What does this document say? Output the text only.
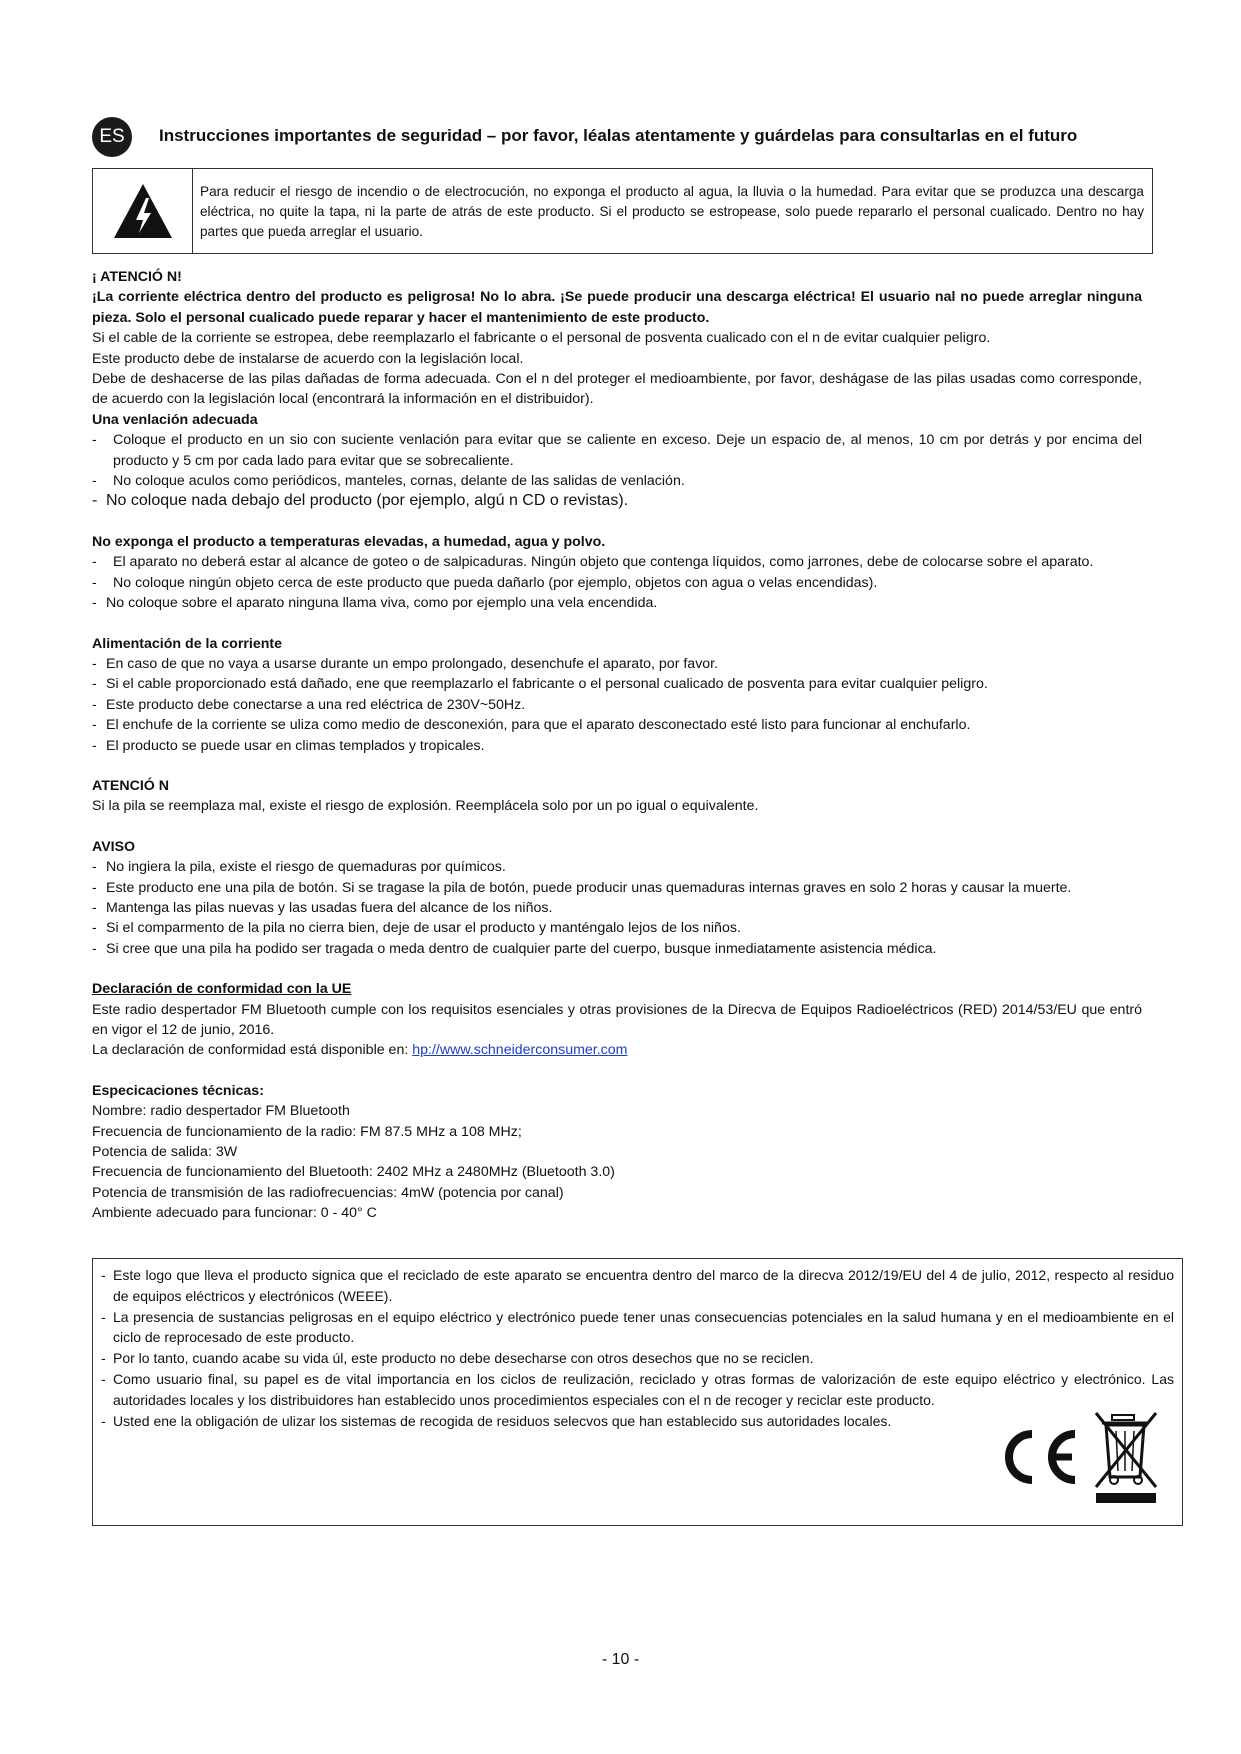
ES	Instrucciones importantes de seguridad – por favor, léalas atentamente y guárdelas para consultarlas en el futuro
Para reducir el riesgo de incendio o de electrocución, no exponga el producto al agua, la lluvia o la humedad. Para evitar que se produzca una descarga eléctrica, no quite la tapa, ni la parte de atrás de este producto. Si el producto se estropease, solo puede repararlo el personal cualicado. Dentro no hay partes que pueda arreglar el usuario.

¡ ATENCIÓ N!

¡La corriente eléctrica dentro del producto es peligrosa! No lo abra. ¡Se puede producir una descarga eléctrica! El usuario nal no puede arreglar ninguna pieza. Solo el personal cualicado puede reparar y hacer el mantenimiento de este producto.

Si el cable de la corriente se estropea, debe reemplazarlo el fabricante o el personal de posventa cualicado con el n de evitar cualquier peligro.

Este producto debe de instalarse de acuerdo con la legislación local.

Debe de deshacerse de las pilas dañadas de forma adecuada. Con el n del proteger el medioambiente, por favor, deshágase de las pilas usadas como corresponde, de acuerdo con la legislación local (encontrará la información en el distribuidor).

Una venlación adecuada

- Coloque el producto en un sio con suciente venlación para evitar que se caliente en exceso. Deje un espacio de, al menos, 10 cm por detrás y por encima del producto y 5 cm por cada lado para evitar que se sobrecaliente.

- No coloque aculos como periódicos, manteles, cornas, delante de las salidas de venlación.

- No coloque nada debajo del producto (por ejemplo, algú n CD o revistas).

No exponga el producto a temperaturas elevadas, a humedad, agua y polvo.

- El aparato no deberá estar al alcance de goteo o de salpicaduras. Ningún objeto que contenga líquidos, como jarrones, debe de colocarse sobre el aparato.

- No coloque ningún objeto cerca de este producto que pueda dañarlo (por ejemplo, objetos con agua o velas encendidas).

- No coloque sobre el aparato ninguna llama viva, como por ejemplo una vela encendida.

Alimentación de la corriente

- En caso de que no vaya a usarse durante un empo prolongado, desenchufe el aparato, por favor.

- Si el cable proporcionado está dañado, ene que reemplazarlo el fabricante o el personal cualicado de posventa para evitar cualquier peligro.

- Este producto debe conectarse a una red eléctrica de 230V~50Hz.

- El enchufe de la corriente se uliza como medio de desconexión, para que el aparato desconectado esté listo para funcionar al enchufarlo.

- El producto se puede usar en climas templados y tropicales.

ATENCIÓ N

Si la pila se reemplaza mal, existe el riesgo de explosión. Reemplácela solo por un po igual o equivalente.

AVISO

- No ingiera la pila, existe el riesgo de quemaduras por químicos.

- Este producto ene una pila de botón. Si se tragase la pila de botón, puede producir unas quemaduras internas graves en solo 2 horas y causar la muerte.

- Mantenga las pilas nuevas y las usadas fuera del alcance de los niños.

- Si el comparmento de la pila no cierra bien, deje de usar el producto y manténgalo lejos de los niños.

- Si cree que una pila ha podido ser tragada o meda dentro de cualquier parte del cuerpo, busque inmediatamente asistencia médica.

Declaración de conformidad con la UE

Este radio despertador FM Bluetooth cumple con los requisitos esenciales y otras provisiones de la Direcva de Equipos Radioeléctricos (RED) 2014/53/EU que entró en vigor el 12 de junio, 2016.

La declaración de conformidad está disponible en: hp://www.schneiderconsumer.com

Especicaciones técnicas:

Nombre: radio despertador FM Bluetooth

Frecuencia de funcionamiento de la radio: FM 87.5 MHz a 108 MHz;

Potencia de salida: 3W

Frecuencia de funcionamiento del Bluetooth: 2402 MHz a 2480MHz (Bluetooth 3.0)

Potencia de transmisión de las radiofrecuencias: 4mW (potencia por canal)

Ambiente adecuado para funcionar: 0 - 40° C

- Este logo que lleva el producto signica que el reciclado de este aparato se encuentra dentro del marco de la direcva 2012/19/EU del 4 de julio, 2012, respecto al residuo de equipos eléctricos y electrónicos (WEEE).

- La presencia de sustancias peligrosas en el equipo eléctrico y electrónico puede tener unas consecuencias potenciales en la salud humana y en el medioambiente en el ciclo de reprocesado de este producto.

- Por lo tanto, cuando acabe su vida úl, este producto no debe desecharse con otros desechos que no se reciclen.

- Como usuario final, su papel es de vital importancia en los ciclos de reulización, reciclado y otras formas de valorización de este equipo eléctrico y electrónico. Las autoridades locales y los distribuidores han establecido unos procedimientos especiales con el n de recoger y reciclar este producto.

- Usted ene la obligación de ulizar los sistemas de recogida de residuos selecvos que han establecido sus autoridades locales.

- 10 -
